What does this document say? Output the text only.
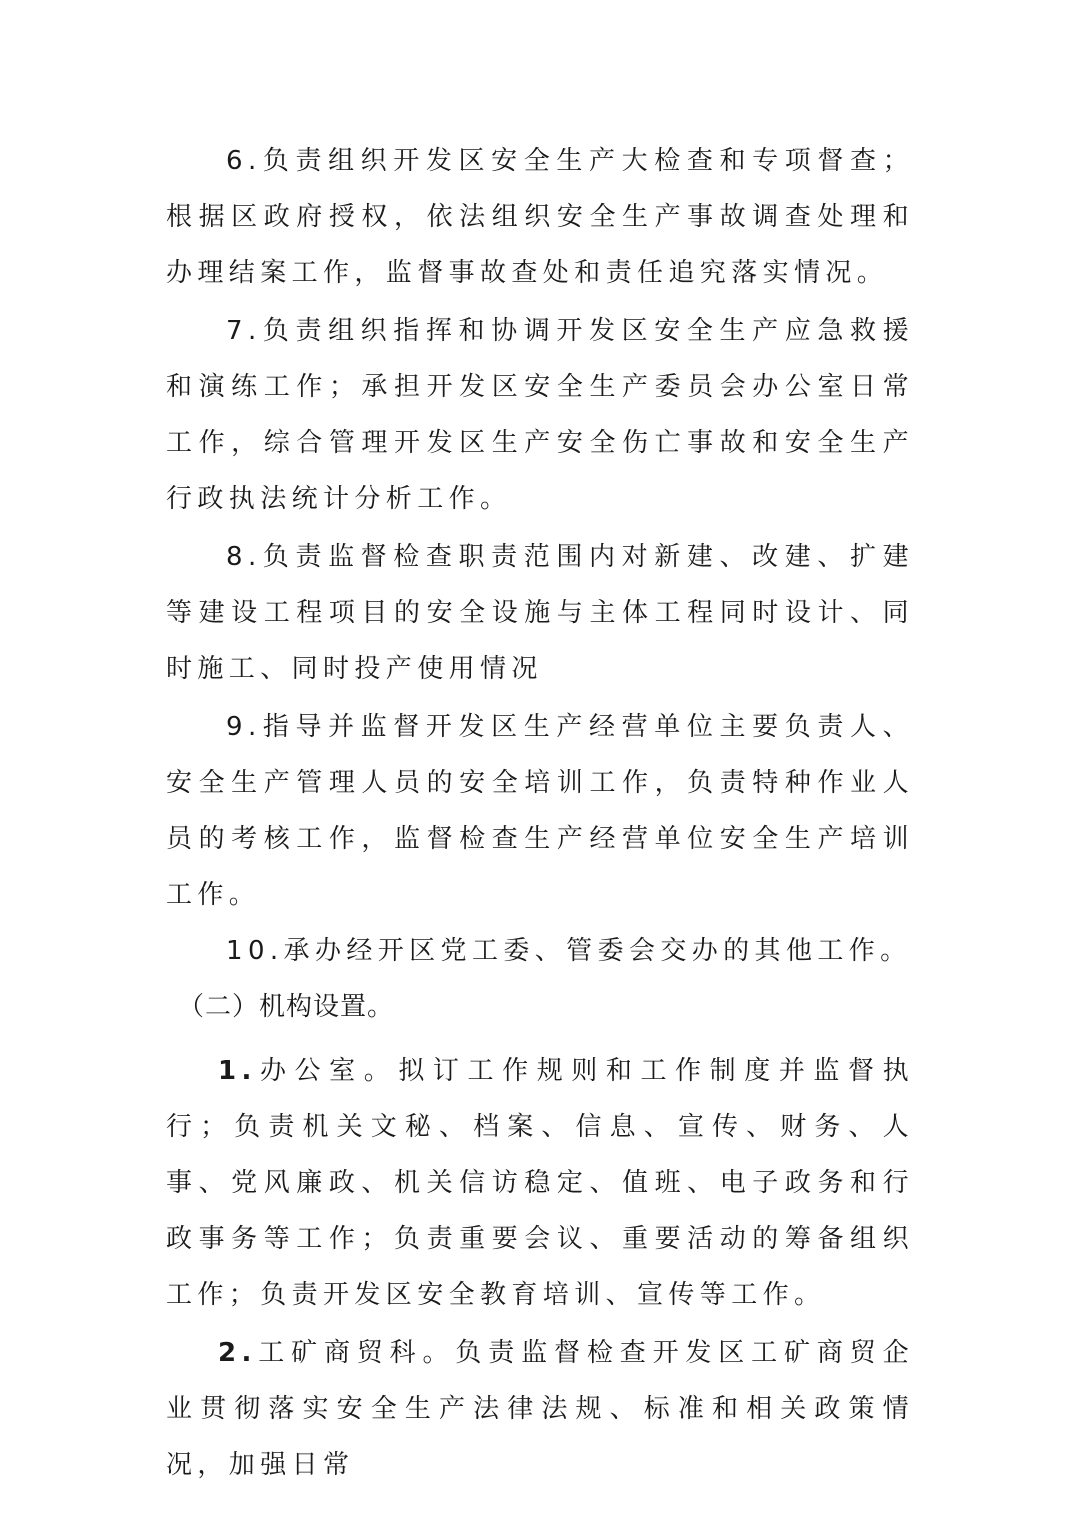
6.负责组织开发区安全生产大检查和专项督查；根据区政府授权，依法组织安全生产事故调查处理和办理结案工作，监督事故查处和责任追究落实情况。

7.负责组织指挥和协调开发区安全生产应急救援和演练工作；承担开发区安全生产委员会办公室日常工作，综合管理开发区生产安全伤亡事故和安全生产行政执法统计分析工作。

8.负责监督检查职责范围内对新建、改建、扩建等建设工程项目的安全设施与主体工程同时设计、同时施工、同时投产使用情况

9.指导并监督开发区生产经营单位主要负责人、安全生产管理人员的安全培训工作，负责特种作业人员的考核工作，监督检查生产经营单位安全生产培训工作。

10.承办经开区党工委、管委会交办的其他工作。

（二）机构设置。

1.办公室。拟订工作规则和工作制度并监督执行；负责机关文秘、档案、信息、宣传、财务、人事、党风廉政、机关信访稳定、值班、电子政务和行政事务等工作；负责重要会议、重要活动的筹备组织工作；负责开发区安全教育培训、宣传等工作。

2.工矿商贸科。负责监督检查开发区工矿商贸企业贯彻落实安全生产法律法规、标准和相关政策情况，加强日常
